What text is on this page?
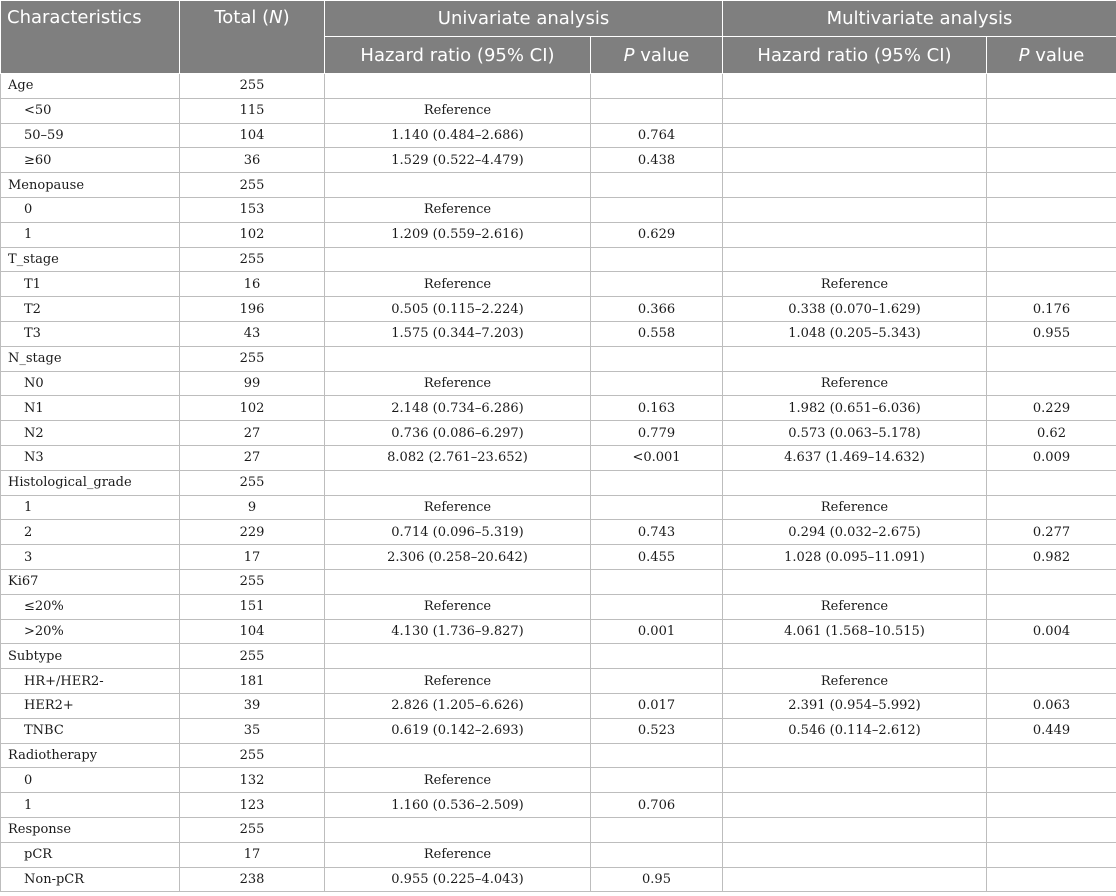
Characteristics	Total (N)	Univariate analysis		Multivariate analysis	
		Hazard ratio (95% CI)	P value	Hazard ratio (95% CI)	P value
Age	255				
<50	115	Reference			
50–59	104	1.140 (0.484–2.686)	0.764		
≥60	36	1.529 (0.522–4.479)	0.438		
Menopause	255				
0	153	Reference			
1	102	1.209 (0.559–2.616)	0.629		
T_stage	255				
T1	16	Reference		Reference	
T2	196	0.505 (0.115–2.224)	0.366	0.338 (0.070–1.629)	0.176
T3	43	1.575 (0.344–7.203)	0.558	1.048 (0.205–5.343)	0.955
N_stage	255				
N0	99	Reference		Reference	
N1	102	2.148 (0.734–6.286)	0.163	1.982 (0.651–6.036)	0.229
N2	27	0.736 (0.086–6.297)	0.779	0.573 (0.063–5.178)	0.62
N3	27	8.082 (2.761–23.652)	<0.001	4.637 (1.469–14.632)	0.009
Histological_grade	255				
1	9	Reference		Reference	
2	229	0.714 (0.096–5.319)	0.743	0.294 (0.032–2.675)	0.277
3	17	2.306 (0.258–20.642)	0.455	1.028 (0.095–11.091)	0.982
Ki67	255				
≤20%	151	Reference		Reference	
>20%	104	4.130 (1.736–9.827)	0.001	4.061 (1.568–10.515)	0.004
Subtype	255				
HR+/HER2-	181	Reference		Reference	
HER2+	39	2.826 (1.205–6.626)	0.017	2.391 (0.954–5.992)	0.063
TNBC	35	0.619 (0.142–2.693)	0.523	0.546 (0.114–2.612)	0.449
Radiotherapy	255				
0	132	Reference			
1	123	1.160 (0.536–2.509)	0.706		
Response	255				
pCR	17	Reference			
Non-pCR	238	0.955 (0.225–4.043)	0.95		
